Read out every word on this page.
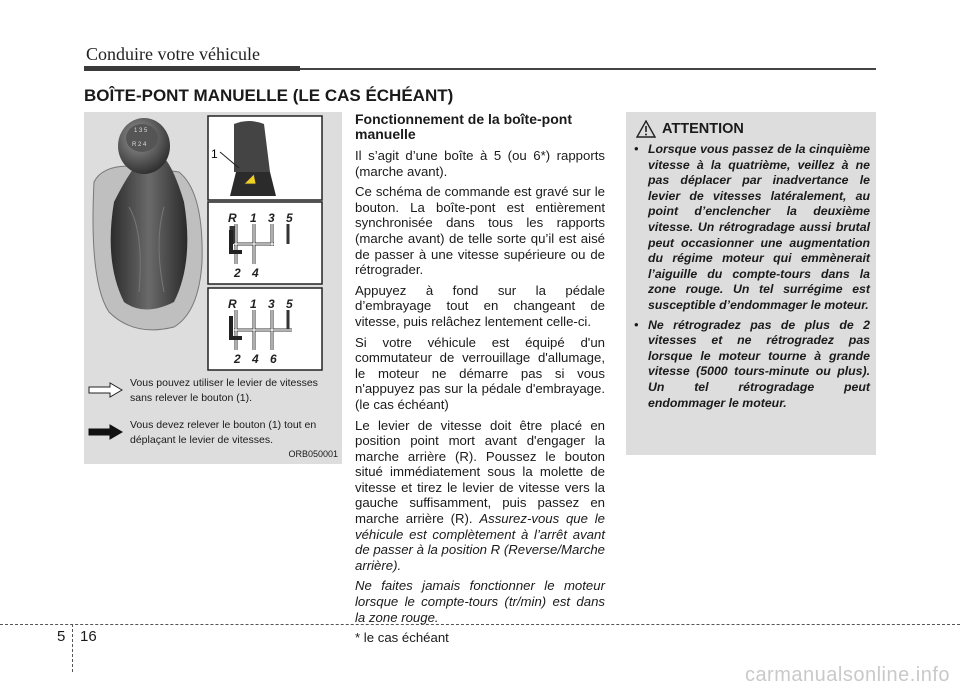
Conduire votre véhicule
BOÎTE-PONT MANUELLE (LE CAS ÉCHÉANT)
1 3 5
R 2 4
1
R 1 3 5
2 4
R 1 3 5
2 4 6
Vous pouvez utiliser le levier de vitesses sans relever le bouton (1).
Vous devez relever le bouton (1) tout en déplaçant le levier de vitesses.
ORB050001
Fonctionnement de la boîte-pont manuelle

Il s’agit d’une boîte à 5 (ou 6*) rapports (marche avant).

Ce schéma de commande est gravé sur le bouton. La boîte-pont est entièrement synchronisée dans tous les rapports (marche avant) de telle sorte qu’il est aisé de passer à une vitesse supérieure ou de rétrograder.

Appuyez à fond sur la pédale d’embrayage tout en changeant de vitesse, puis relâchez lentement celle-ci.

Si votre véhicule est équipé d'un commutateur de verrouillage d'allumage, le moteur ne démarre pas si vous n'appuyez pas sur la pédale d'embrayage. (le cas échéant)

Le levier de vitesse doit être placé en position point mort avant d'engager la marche arrière (R). Poussez le bouton situé immédiatement sous la molette de vitesse et tirez le levier de vitesse vers la gauche suffisamment, puis passez en marche arrière (R). Assurez-vous que le véhicule est complètement à l’arrêt avant de passer à la position R (Reverse/Marche arrière).

Ne faites jamais fonctionner le moteur lorsque le compte-tours (tr/min) est dans la zone rouge.

* le cas échéant

ATTENTION
• Lorsque vous passez de la cinquième vitesse à la quatrième, veillez à ne pas déplacer par inadvertance le levier de vitesses latéralement, au point d’enclencher la deuxième vitesse. Un rétrogradage aussi brutal peut occasionner une augmentation du régime moteur qui emmènerait l’aiguille du compte-tours dans la zone rouge. Un tel surrégime est susceptible d’endommager le moteur.
• Ne rétrogradez pas de plus de 2 vitesses et ne rétrogradez pas lorsque le moteur tourne à grande vitesse (5000 tours-minute ou plus). Un tel rétrogradage peut endommager le moteur.
5 16
carmanualsonline.info
